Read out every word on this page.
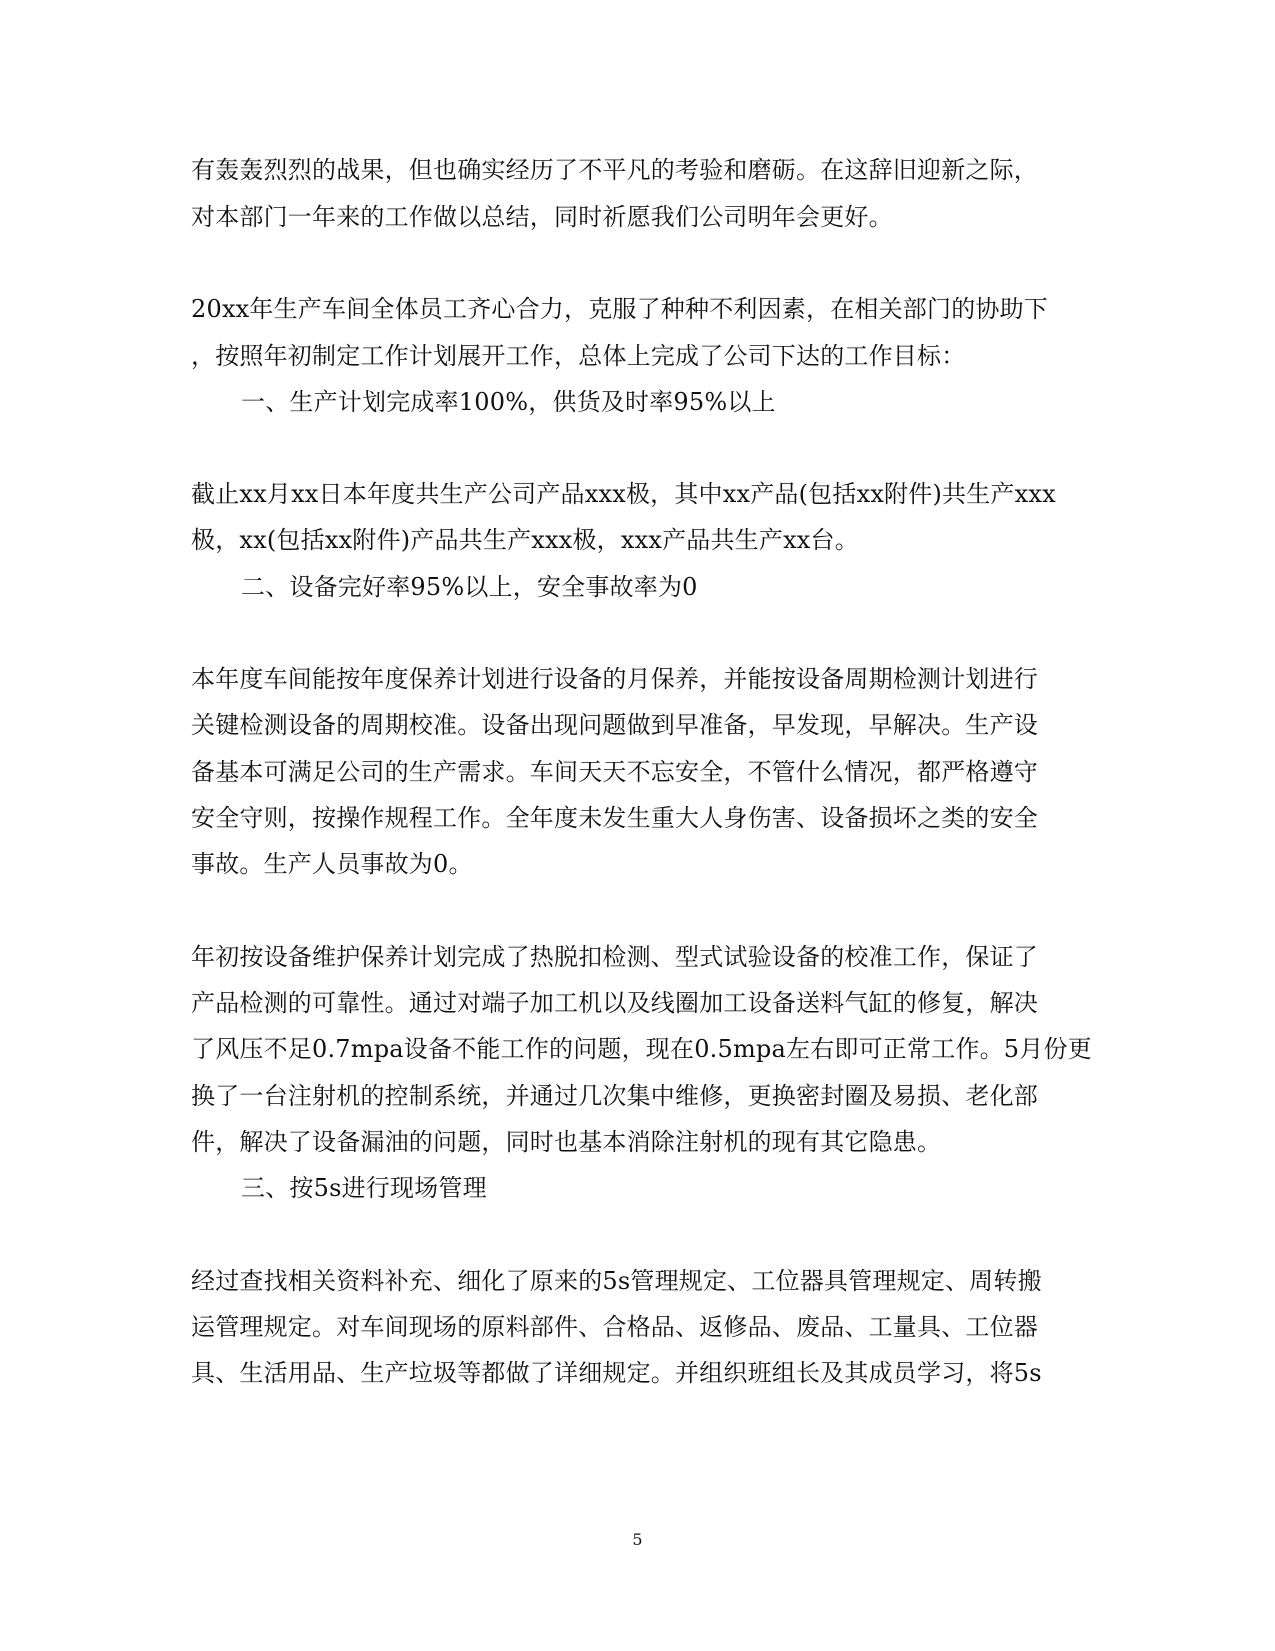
有轰轰烈烈的战果，但也确实经历了不平凡的考验和磨砺。在这辞旧迎新之际，
对本部门一年来的工作做以总结，同时祈愿我们公司明年会更好。
20xx年生产车间全体员工齐心合力，克服了种种不利因素，在相关部门的协助下
，按照年初制定工作计划展开工作，总体上完成了公司下达的工作目标：
一、生产计划完成率100%，供货及时率95%以上
截止xx月xx日本年度共生产公司产品xxx极，其中xx产品(包括xx附件)共生产xxx
极，xx(包括xx附件)产品共生产xxx极，xxx产品共生产xx台。
二、设备完好率95%以上，安全事故率为0
本年度车间能按年度保养计划进行设备的月保养，并能按设备周期检测计划进行
关键检测设备的周期校准。设备出现问题做到早准备，早发现，早解决。生产设
备基本可满足公司的生产需求。车间天天不忘安全，不管什么情况，都严格遵守
安全守则，按操作规程工作。全年度未发生重大人身伤害、设备损坏之类的安全
事故。生产人员事故为0。
年初按设备维护保养计划完成了热脱扣检测、型式试验设备的校准工作，保证了
产品检测的可靠性。通过对端子加工机以及线圈加工设备送料气缸的修复，解决
了风压不足0.7mpa设备不能工作的问题，现在0.5mpa左右即可正常工作。5月份更
换了一台注射机的控制系统，并通过几次集中维修，更换密封圈及易损、老化部
件，解决了设备漏油的问题，同时也基本消除注射机的现有其它隐患。
三、按5s进行现场管理
经过查找相关资料补充、细化了原来的5s管理规定、工位器具管理规定、周转搬
运管理规定。对车间现场的原料部件、合格品、返修品、废品、工量具、工位器
具、生活用品、生产垃圾等都做了详细规定。并组织班组长及其成员学习，将5s
5
